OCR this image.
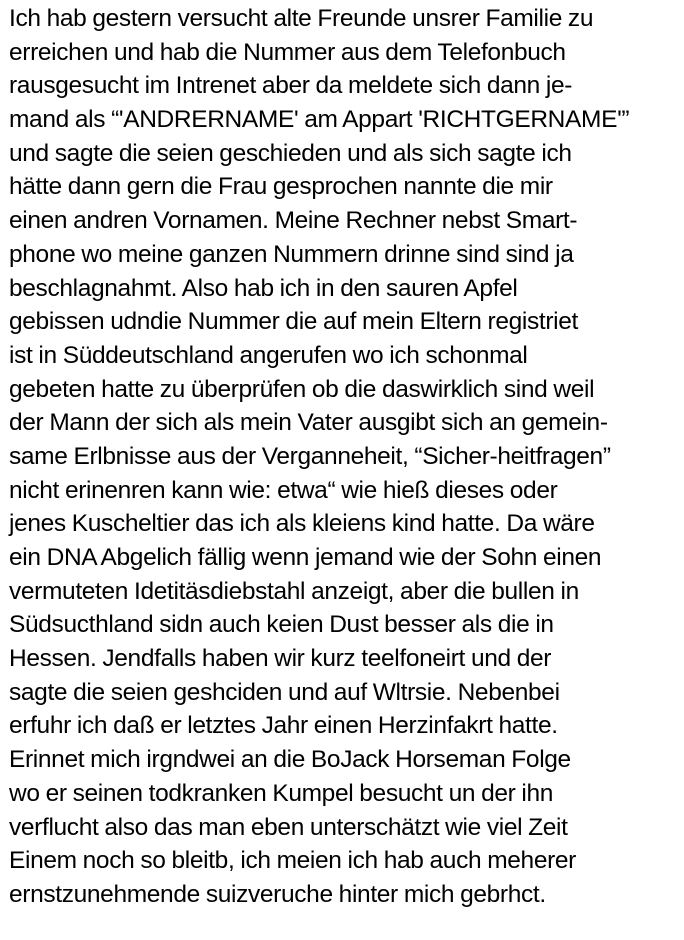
Ich hab gestern versucht alte Freunde unsrer Familie zu
erreichen und hab die Nummer aus dem Telefonbuch
rausgesucht im Intrenet aber da meldete sich dann je-
mand als “'ANDRERNAME' am Appart 'RICHTGERNAME'”
und sagte die seien geschieden und als sich sagte ich
hätte dann gern die Frau gesprochen nannte die mir
einen andren Vornamen. Meine Rechner nebst Smart-
phone wo meine ganzen Nummern drinne sind sind ja
beschlagnahmt. Also hab ich in den sauren Apfel
gebissen udndie Nummer die auf mein Eltern registriet
ist in Süddeutschland angerufen wo ich schonmal
gebeten hatte zu überprüfen ob die daswirklich sind weil
der Mann der sich als mein Vater ausgibt sich an gemein-
same Erlbnisse aus der Verganneheit, “Sicher-heitfragen”
nicht erinenren kann wie: etwa“ wie hieß dieses oder
jenes Kuscheltier das ich als kleiens kind hatte. Da wäre
ein DNA Abgelich fällig wenn jemand wie der Sohn einen
vermuteten Idetitäsdiebstahl anzeigt, aber die bullen in
Südsucthland sidn auch keien Dust besser als die in
Hessen. Jendfalls haben wir kurz teelfoneirt und der
sagte die seien geshciden und auf Wltrsie. Nebenbei
erfuhr ich daß er letztes Jahr einen Herzinfakrt hatte.
Erinnet mich irgndwei an die BoJack Horseman Folge
wo er seinen todkranken Kumpel besucht un der ihn
verflucht also das man eben unterschätzt wie viel Zeit
Einem noch so bleitb, ich meien ich hab auch meherer
ernstzunehmende suizveruche hinter mich gebrhct.
